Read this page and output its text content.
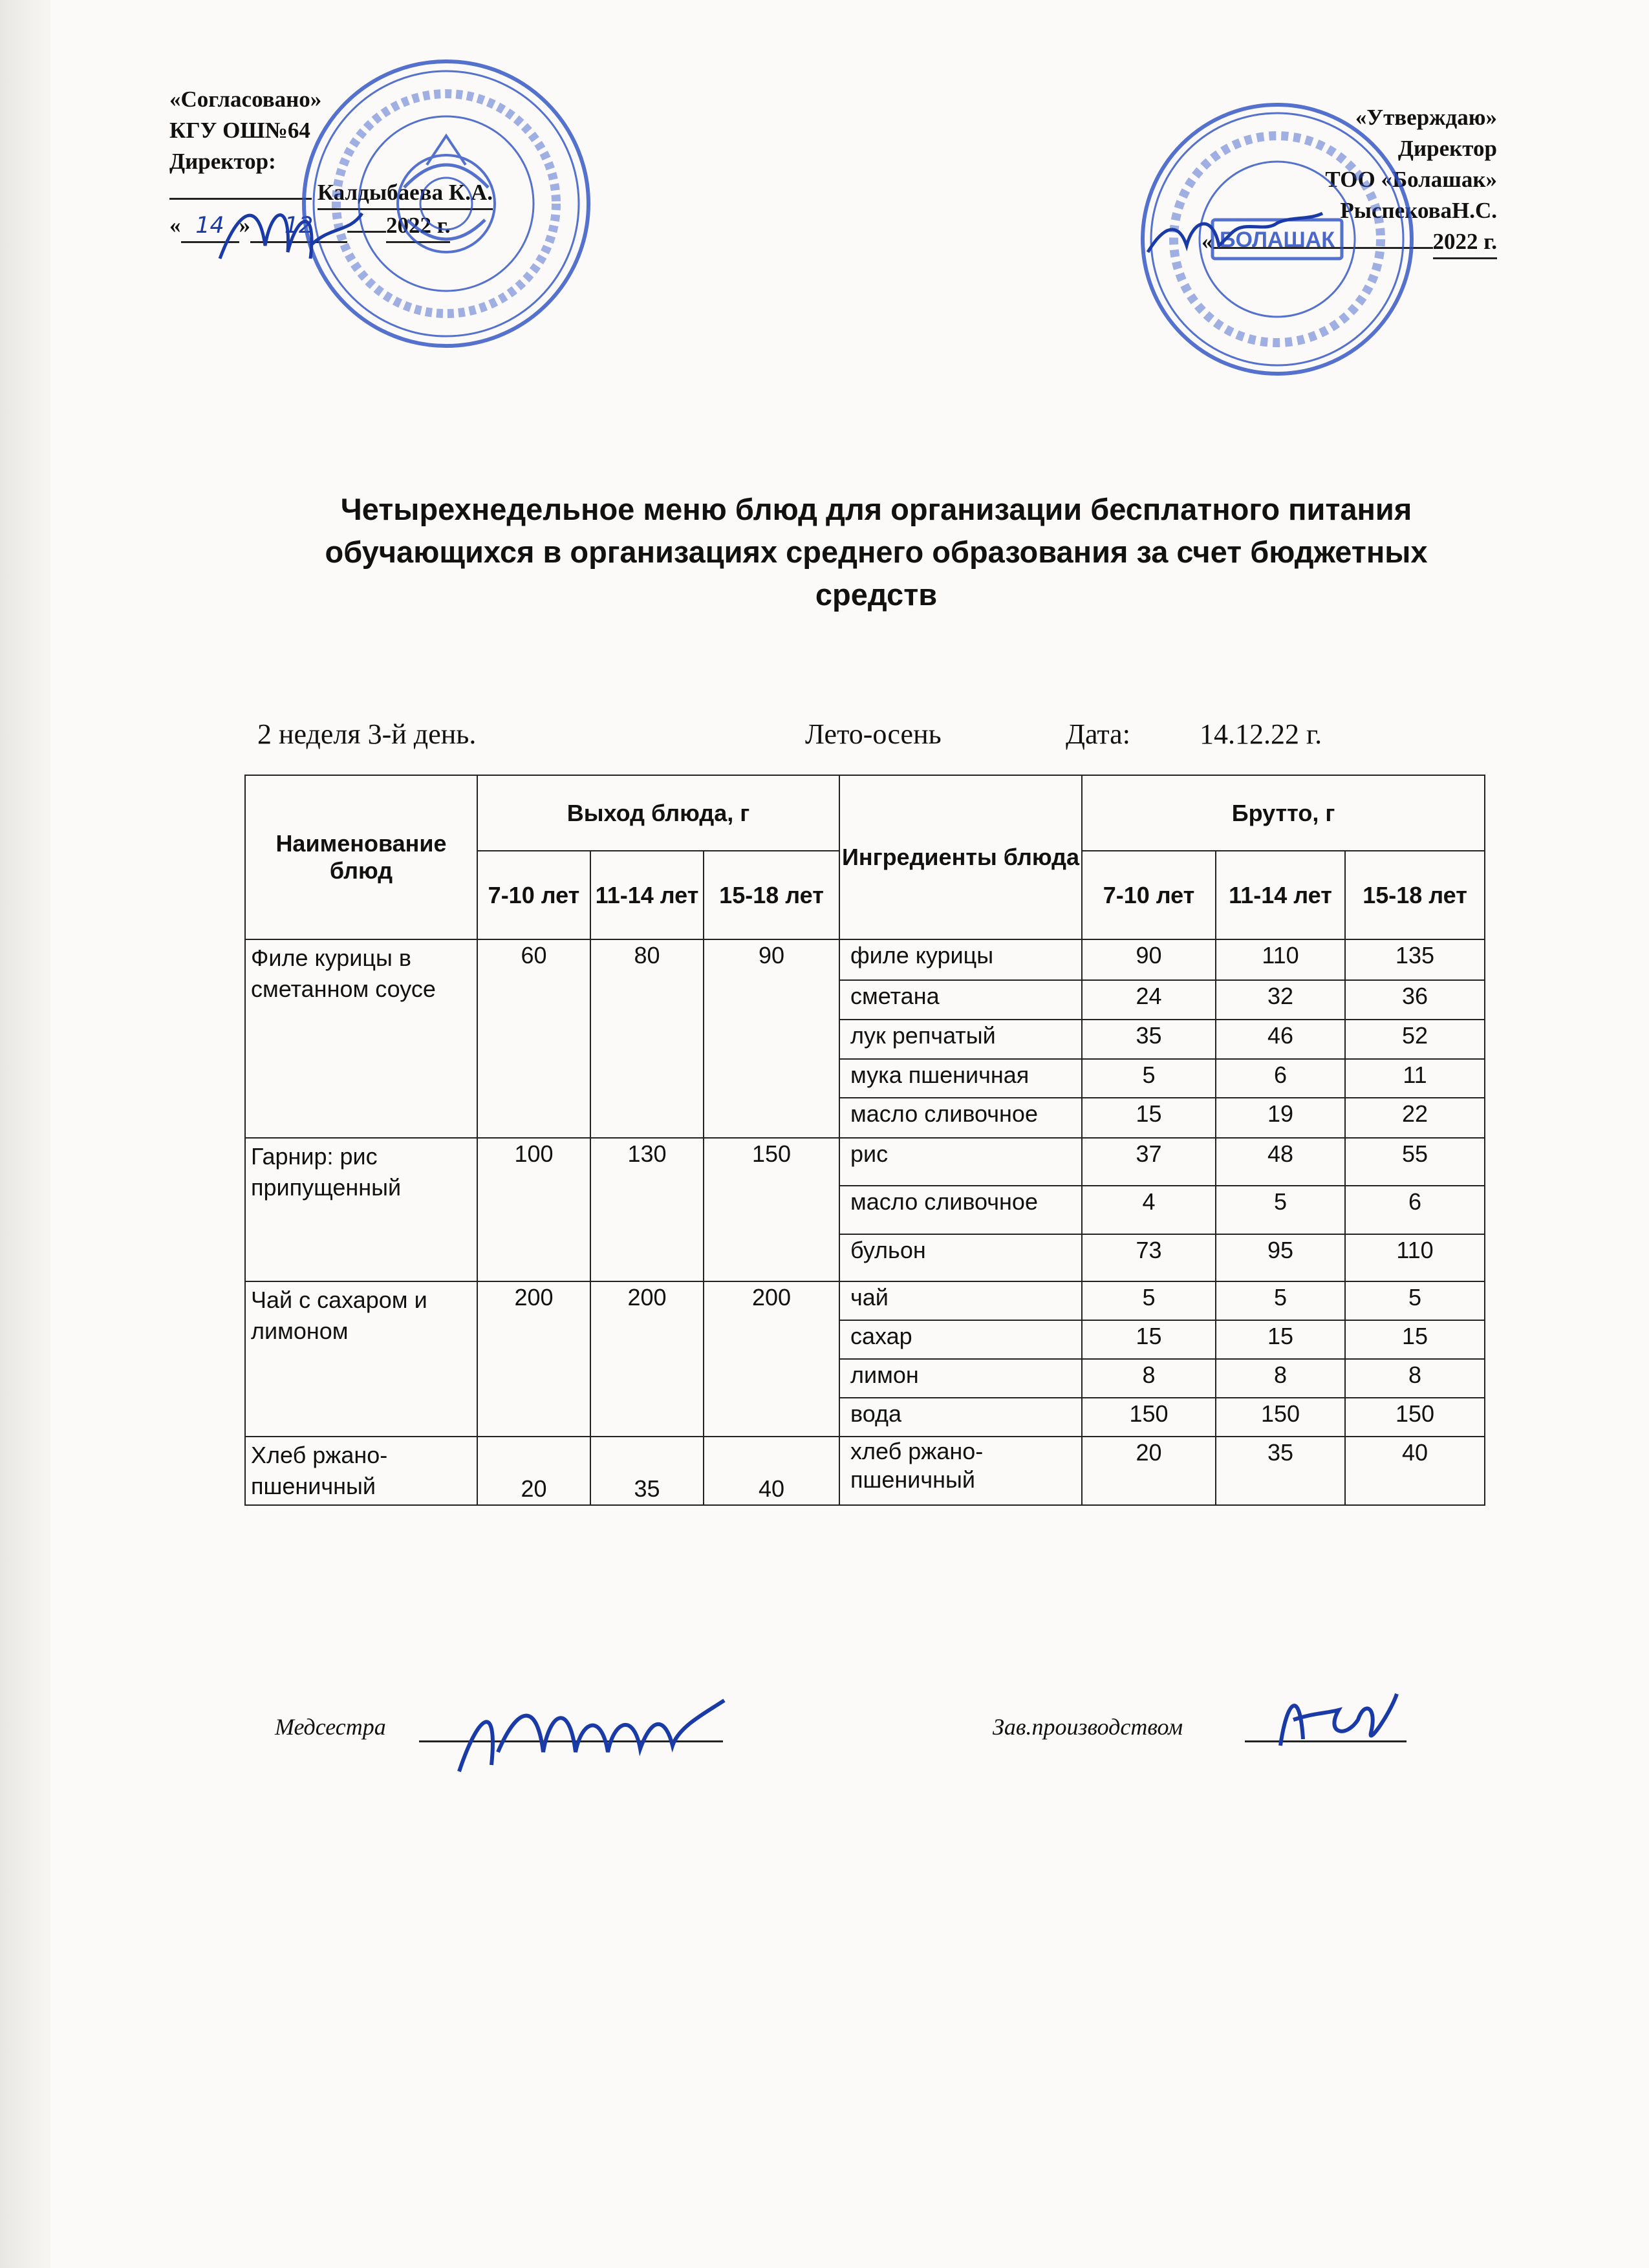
«Согласовано»
КГУ ОШ№64
Директор:
Калдыбаева К.А.
« 14 » 12	2022 г.
«Утверждаю»
Директор
ТОО «Болашак»
РыспековаН.С.
«	2022 г.
БОЛАШАК
Четырехнедельное меню блюд для организации бесплатного питания
обучающихся в организациях среднего образования за счет бюджетных
средств
2 неделя 3-й день.	Лето-осень	Дата: 14.12.22 г.
Наименование блюд	Выход блюда, г			Ингредиенты блюда	Брутто, г		
	7-10 лет	11-14 лет	15-18 лет		7-10 лет	11-14 лет	15-18 лет
Филе курицы в сметанном соусе	60	80	90	филе курицы	90	110	135
				сметана	24	32	36
				лук репчатый	35	46	52
				мука пшеничная	5	6	11
				масло сливочное	15	19	22
Гарнир: рис припущенный	100	130	150	рис	37	48	55
				масло сливочное	4	5	6
				бульон	73	95	110
Чай с сахаром и лимоном	200	200	200	чай	5	5	5
				сахар	15	15	15
				лимон	8	8	8
				вода	150	150	150
Хлеб ржано-пшеничный	20	35	40	хлеб ржано-пшеничный	20	35	40
Медсестра	Зав.производством
